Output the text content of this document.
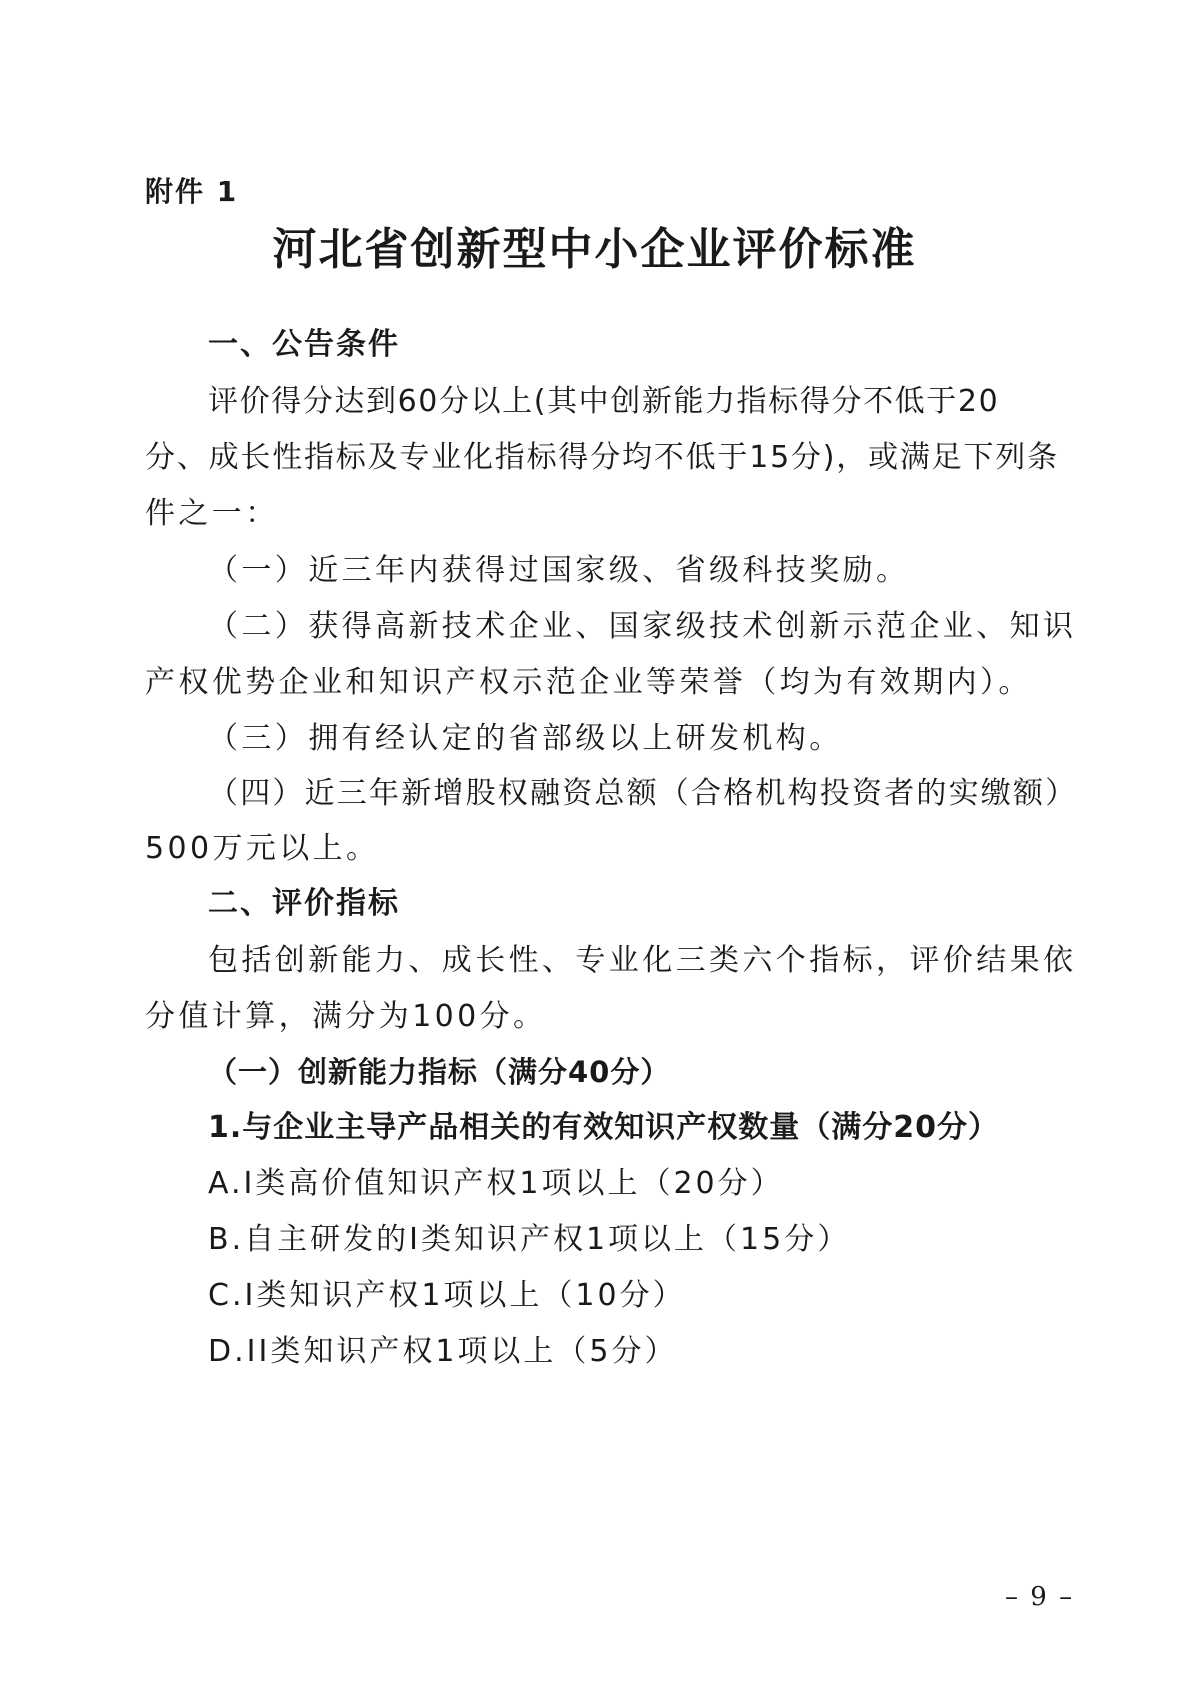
附件 1
河北省创新型中小企业评价标准
一、公告条件
评价得分达到60分以上(其中创新能力指标得分不低于20
分、成长性指标及专业化指标得分均不低于15分)，或满足下列条
件之一：
（一）近三年内获得过国家级、省级科技奖励。
（二）获得高新技术企业、国家级技术创新示范企业、知识
产权优势企业和知识产权示范企业等荣誉（均为有效期内）。
（三）拥有经认定的省部级以上研发机构。
（四）近三年新增股权融资总额（合格机构投资者的实缴额）
500万元以上。
二、评价指标
包括创新能力、成长性、专业化三类六个指标，评价结果依
分值计算，满分为100分。
（一）创新能力指标（满分40分）
1.与企业主导产品相关的有效知识产权数量（满分20分）
A.I类高价值知识产权1项以上（20分）
B.自主研发的I类知识产权1项以上（15分）
C.I类知识产权1项以上（10分）
D.II类知识产权1项以上（5分）
– 9 –
